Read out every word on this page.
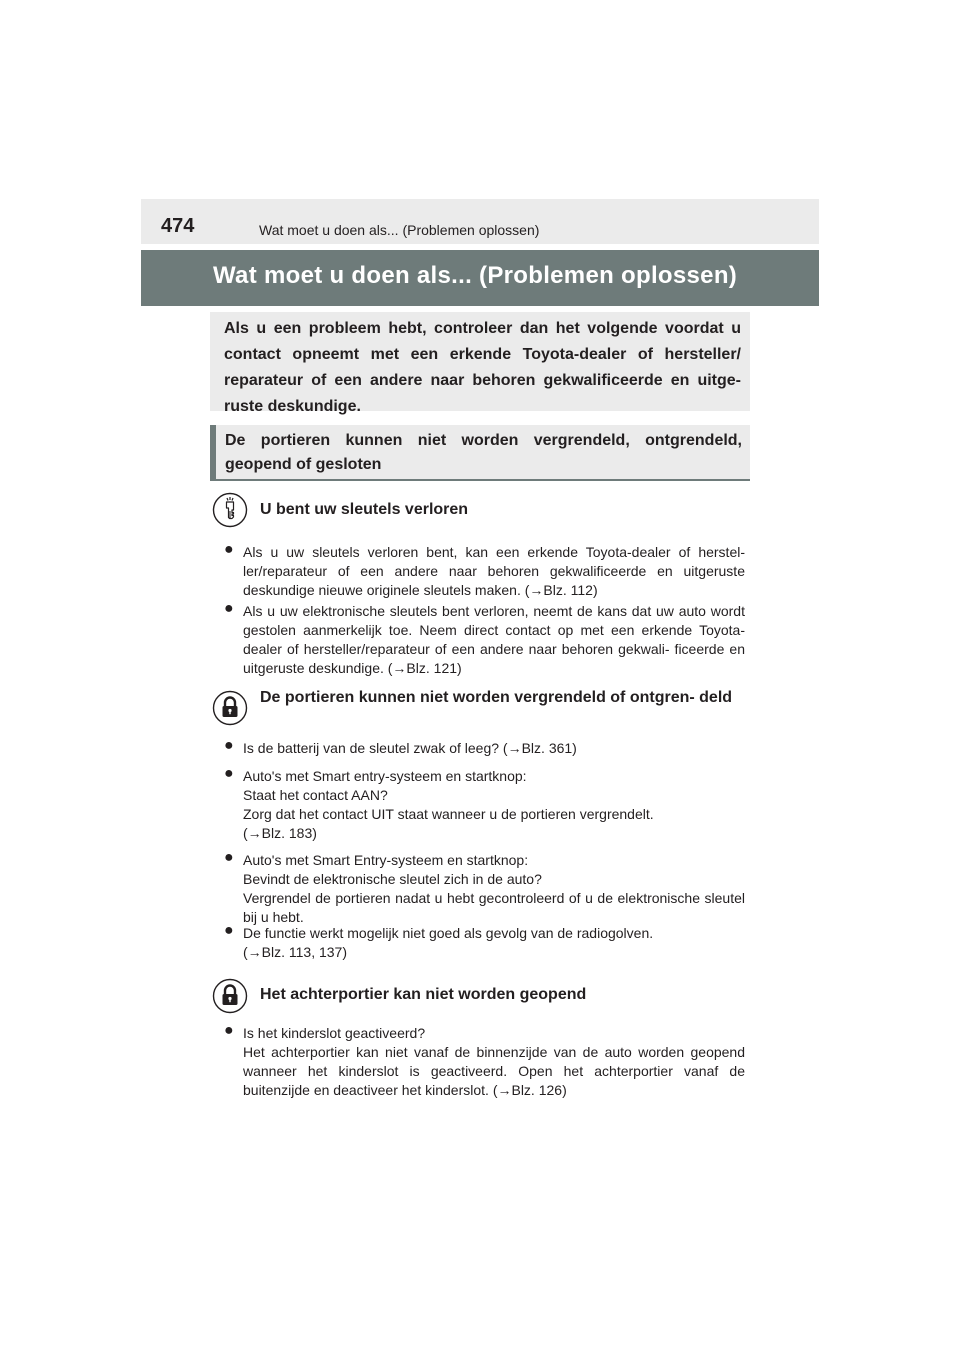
474	Wat moet u doen als... (Problemen oplossen)
Wat moet u doen als... (Problemen oplossen)

Als u een probleem hebt, controleer dan het volgende voordat u contact opneemt met een erkende Toyota-dealer of hersteller/ reparateur of een andere naar behoren gekwalificeerde en uitge- ruste deskundige.

De portieren kunnen niet worden vergrendeld, ontgrendeld, geopend of gesloten

U bent uw sleutels verloren
● Als u uw sleutels verloren bent, kan een erkende Toyota-dealer of herstel- ler/reparateur of een andere naar behoren gekwalificeerde en uitgeruste deskundige nieuwe originele sleutels maken. (→Blz. 112)

● Als u uw elektronische sleutels bent verloren, neemt de kans dat uw auto wordt gestolen aanmerkelijk toe. Neem direct contact op met een erkende Toyota-dealer of hersteller/reparateur of een andere naar behoren gekwali- ficeerde en uitgeruste deskundige. (→Blz. 121)

De portieren kunnen niet worden vergrendeld of ontgren- deld
● Is de batterij van de sleutel zwak of leeg? (→Blz. 361)

● Auto's met Smart entry-systeem en startknop:
Staat het contact AAN?
Zorg dat het contact UIT staat wanneer u de portieren vergrendelt.
(→Blz. 183)

● Auto's met Smart Entry-systeem en startknop:
Bevindt de elektronische sleutel zich in de auto?
Vergrendel de portieren nadat u hebt gecontroleerd of u de elektronische sleutel bij u hebt.

● De functie werkt mogelijk niet goed als gevolg van de radiogolven.
(→Blz. 113, 137)

Het achterportier kan niet worden geopend
● Is het kinderslot geactiveerd?
Het achterportier kan niet vanaf de binnenzijde van de auto worden geopend wanneer het kinderslot is geactiveerd. Open het achterportier vanaf de buitenzijde en deactiveer het kinderslot. (→Blz. 126)
